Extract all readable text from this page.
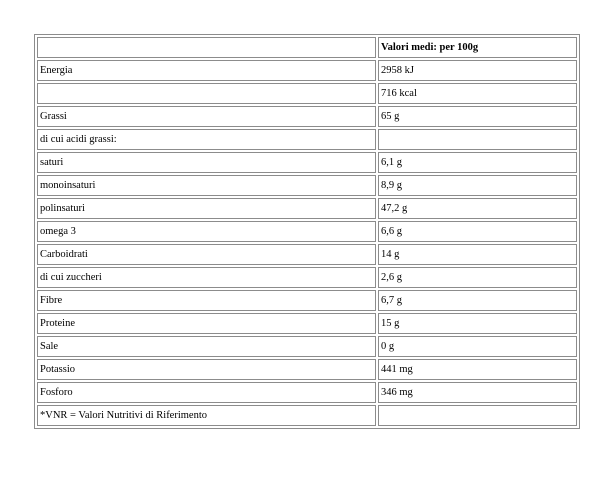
	Valori medi: per 100g
Energia	2958 kJ
	716 kcal
Grassi	65 g
di cui acidi grassi:	
saturi	6,1 g
monoinsaturi	8,9 g
polinsaturi	47,2 g
omega 3	6,6 g
Carboidrati	14 g
di cui zuccheri	2,6 g
Fibre	6,7 g
Proteine	15 g
Sale	0 g
Potassio	441 mg
Fosforo	346 mg
*VNR = Valori Nutritivi di Riferimento	
